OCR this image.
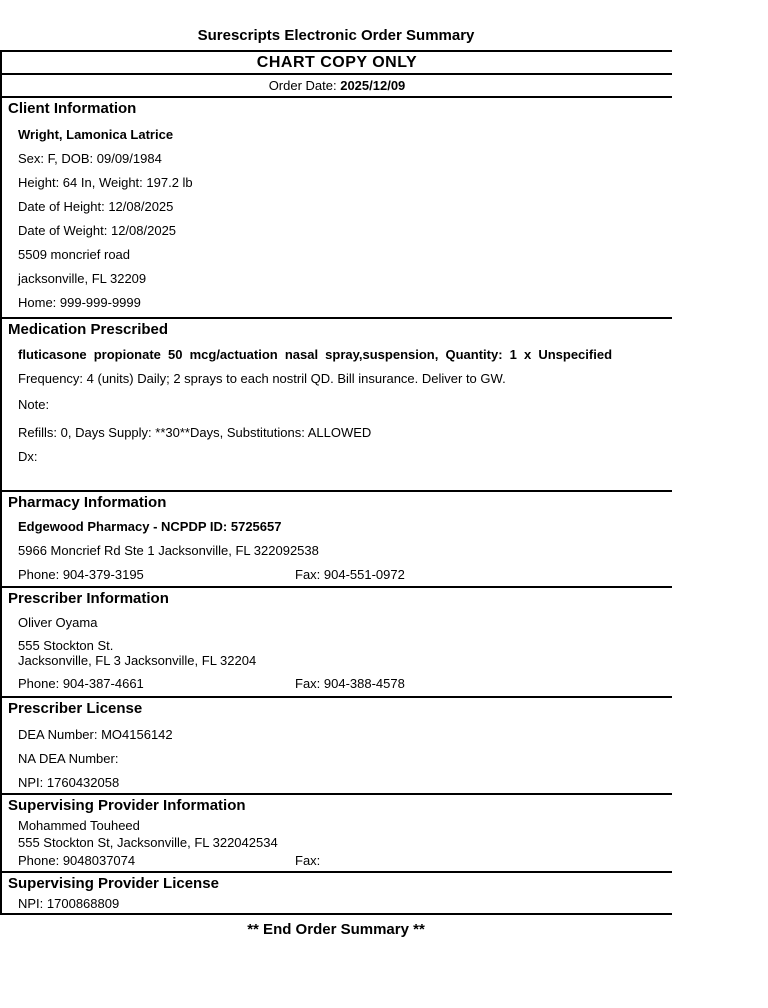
Surescripts Electronic Order Summary
CHART COPY ONLY
Order Date: 2025/12/09
Client Information

Wright, Lamonica Latrice

Sex: F, DOB: 09/09/1984

Height: 64 In, Weight: 197.2 lb

Date of Height: 12/08/2025

Date of Weight: 12/08/2025

5509 moncrief road

jacksonville, FL 32209

Home: 999-999-9999

Medication Prescribed

fluticasone propionate 50 mcg/actuation nasal spray,suspension, Quantity: 1 x Unspecified

Frequency: 4 (units) Daily; 2 sprays to each nostril QD. Bill insurance. Deliver to GW.

Note:

Refills: 0, Days Supply: **30**Days, Substitutions: ALLOWED

Dx:

Pharmacy Information

Edgewood Pharmacy - NCPDP ID: 5725657

5966 Moncrief Rd Ste 1 Jacksonville, FL 322092538

Phone: 904-379-3195	Fax: 904-551-0972

Prescriber Information

Oliver Oyama

555 Stockton St.
Jacksonville, FL 3 Jacksonville, FL 32204

Phone: 904-387-4661	Fax: 904-388-4578

Prescriber License

DEA Number: MO4156142

NA DEA Number:

NPI: 1760432058

Supervising Provider Information

Mohammed Touheed

555 Stockton St, Jacksonville, FL 322042534

Phone: 9048037074	Fax:

Supervising Provider License

NPI: 1700868809

** End Order Summary **
